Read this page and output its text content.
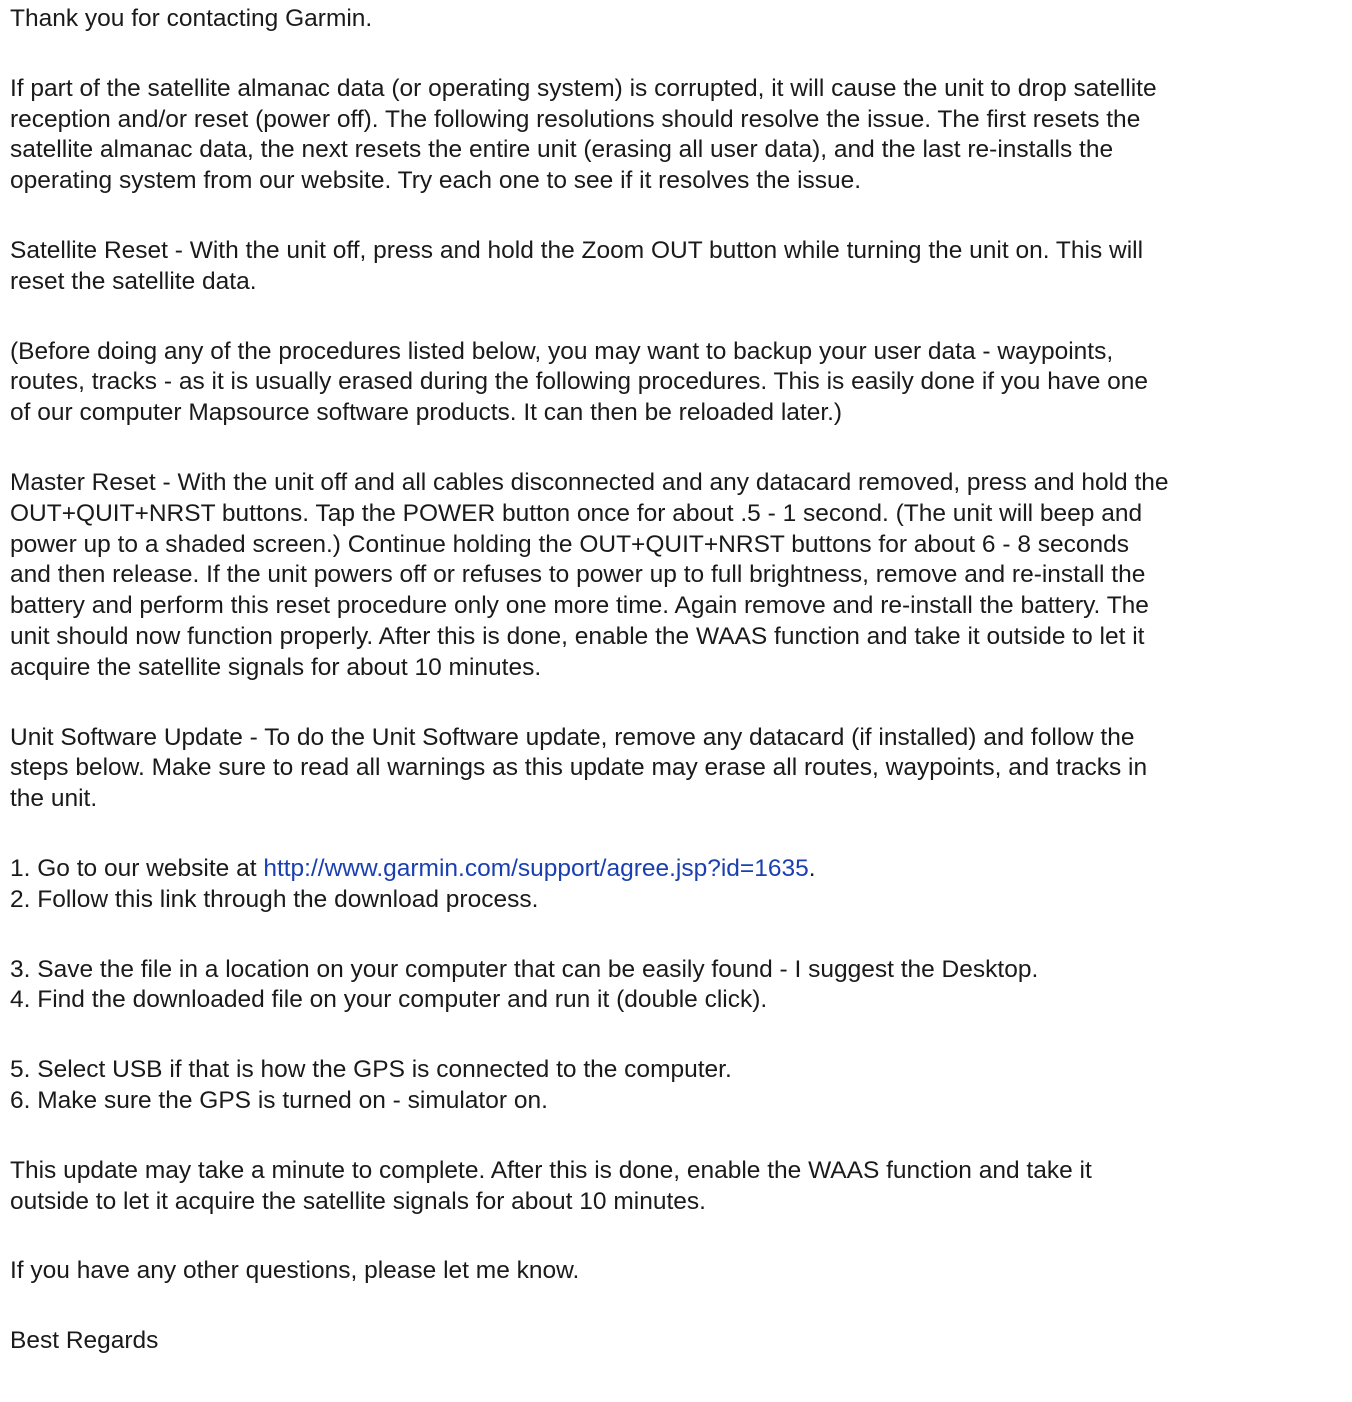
Thank you for contacting Garmin.

If part of the satellite almanac data (or operating system) is corrupted, it will cause the unit to drop satellite
reception and/or reset (power off). The following resolutions should resolve the issue. The first resets the
satellite almanac data, the next resets the entire unit (erasing all user data), and the last re-installs the
operating system from our website. Try each one to see if it resolves the issue.

Satellite Reset - With the unit off, press and hold the Zoom OUT button while turning the unit on. This will
reset the satellite data.

(Before doing any of the procedures listed below, you may want to backup your user data - waypoints,
routes, tracks - as it is usually erased during the following procedures. This is easily done if you have one
of our computer Mapsource software products. It can then be reloaded later.)

Master Reset - With the unit off and all cables disconnected and any datacard removed, press and hold the
OUT+QUIT+NRST buttons. Tap the POWER button once for about .5 - 1 second. (The unit will beep and
power up to a shaded screen.) Continue holding the OUT+QUIT+NRST buttons for about 6 - 8 seconds
and then release. If the unit powers off or refuses to power up to full brightness, remove and re-install the
battery and perform this reset procedure only one more time. Again remove and re-install the battery. The
unit should now function properly. After this is done, enable the WAAS function and take it outside to let it
acquire the satellite signals for about 10 minutes.

Unit Software Update - To do the Unit Software update, remove any datacard (if installed) and follow the
steps below. Make sure to read all warnings as this update may erase all routes, waypoints, and tracks in
the unit.

1. Go to our website at http://www.garmin.com/support/agree.jsp?id=1635.

2. Follow this link through the download process.

3. Save the file in a location on your computer that can be easily found - I suggest the Desktop.

4. Find the downloaded file on your computer and run it (double click).

5. Select USB if that is how the GPS is connected to the computer.

6. Make sure the GPS is turned on - simulator on.

This update may take a minute to complete. After this is done, enable the WAAS function and take it
outside to let it acquire the satellite signals for about 10 minutes.

If you have any other questions, please let me know.

Best Regards
